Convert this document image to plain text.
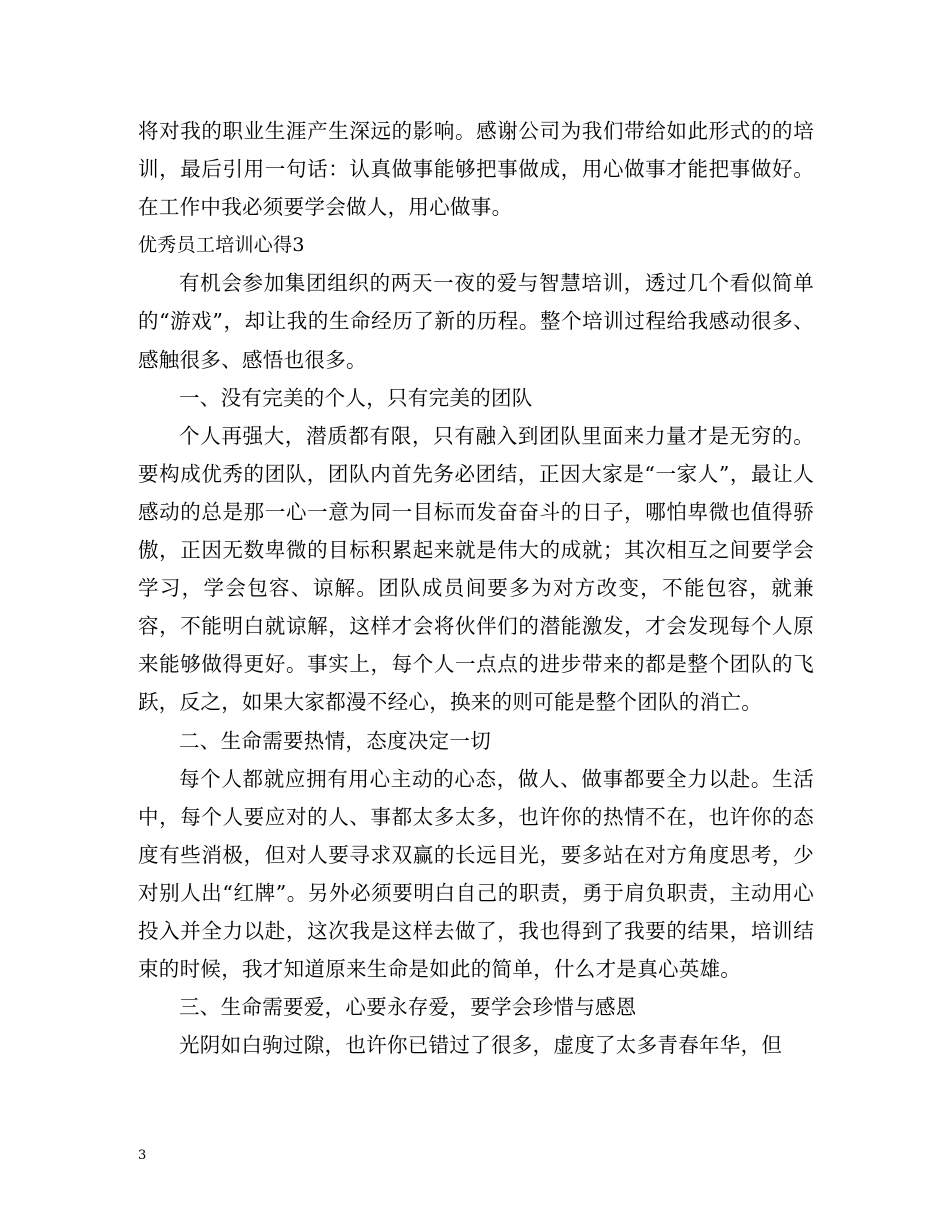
将对我的职业生涯产生深远的影响。感谢公司为我们带给如此形式的的培训，最后引用一句话：认真做事能够把事做成，用心做事才能把事做好。在工作中我必须要学会做人，用心做事。

优秀员工培训心得3

有机会参加集团组织的两天一夜的爱与智慧培训，透过几个看似简单的“游戏”，却让我的生命经历了新的历程。整个培训过程给我感动很多、感触很多、感悟也很多。

一、没有完美的个人，只有完美的团队

个人再强大，潜质都有限，只有融入到团队里面来力量才是无穷的。要构成优秀的团队，团队内首先务必团结，正因大家是“一家人”，最让人感动的总是那一心一意为同一目标而发奋奋斗的日子，哪怕卑微也值得骄傲，正因无数卑微的目标积累起来就是伟大的成就；其次相互之间要学会学习，学会包容、谅解。团队成员间要多为对方改变，不能包容，就兼容，不能明白就谅解，这样才会将伙伴们的潜能激发，才会发现每个人原来能够做得更好。事实上，每个人一点点的进步带来的都是整个团队的飞跃，反之，如果大家都漫不经心，换来的则可能是整个团队的消亡。

二、生命需要热情，态度决定一切

每个人都就应拥有用心主动的心态，做人、做事都要全力以赴。生活中，每个人要应对的人、事都太多太多，也许你的热情不在，也许你的态度有些消极，但对人要寻求双赢的长远目光，要多站在对方角度思考，少对别人出“红牌”。另外必须要明白自己的职责，勇于肩负职责，主动用心投入并全力以赴，这次我是这样去做了，我也得到了我要的结果，培训结束的时候，我才知道原来生命是如此的简单，什么才是真心英雄。

三、生命需要爱，心要永存爱，要学会珍惜与感恩

光阴如白驹过隙，也许你已错过了很多，虚度了太多青春年华，但

3
